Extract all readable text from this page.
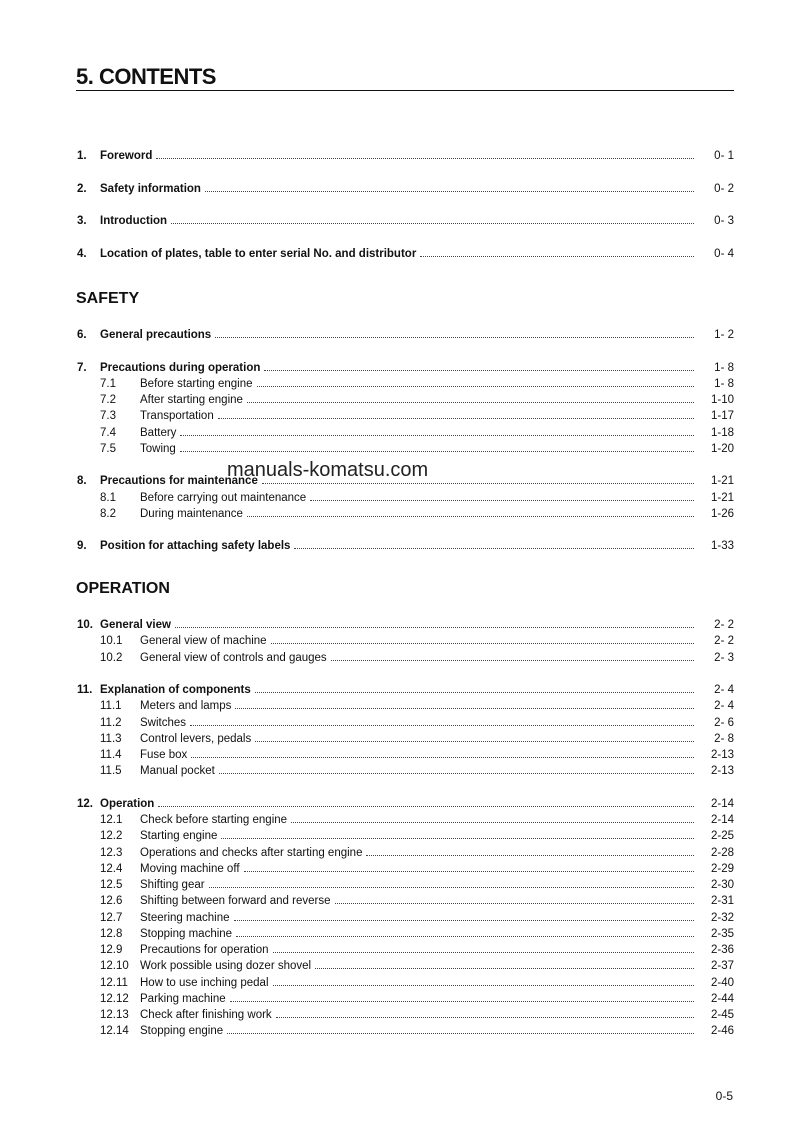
5. CONTENTS
1.	Foreword	0- 1
2.	Safety information	0- 2
3.	Introduction	0- 3
4.	Location of plates, table to enter serial No. and distributor	0- 4
SAFETY
6.	General precautions	1- 2
7.	Precautions during operation	1- 8
7.1	Before starting engine	1- 8
7.2	After starting engine	1-10
7.3	Transportation	1-17
7.4	Battery	1-18
7.5	Towing	1-20
8.	Precautions for maintenance	1-21
8.1	Before carrying out maintenance	1-21
8.2	During maintenance	1-26
9.	Position for attaching safety labels	1-33
OPERATION
10. General view	2- 2
10.1	General view of machine	2- 2
10.2	General view of controls and gauges	2- 3
11. Explanation of components	2- 4
11.1	Meters and lamps	2- 4
11.2	Switches	2- 6
11.3	Control levers, pedals	2- 8
11.4	Fuse box	2-13
11.5	Manual pocket	2-13
12. Operation	2-14
12.1	Check before starting engine	2-14
12.2	Starting engine	2-25
12.3	Operations and checks after starting engine	2-28
12.4	Moving machine off	2-29
12.5	Shifting gear	2-30
12.6	Shifting between forward and reverse	2-31
12.7	Steering machine	2-32
12.8	Stopping machine	2-35
12.9	Precautions for operation	2-36
12.10 Work possible using dozer shovel	2-37
12.11	How to use inching pedal	2-40
12.12 Parking machine	2-44
12.13 Check after finishing work	2-45
12.14 Stopping engine	2-46
manuals-komatsu.com
0-5
